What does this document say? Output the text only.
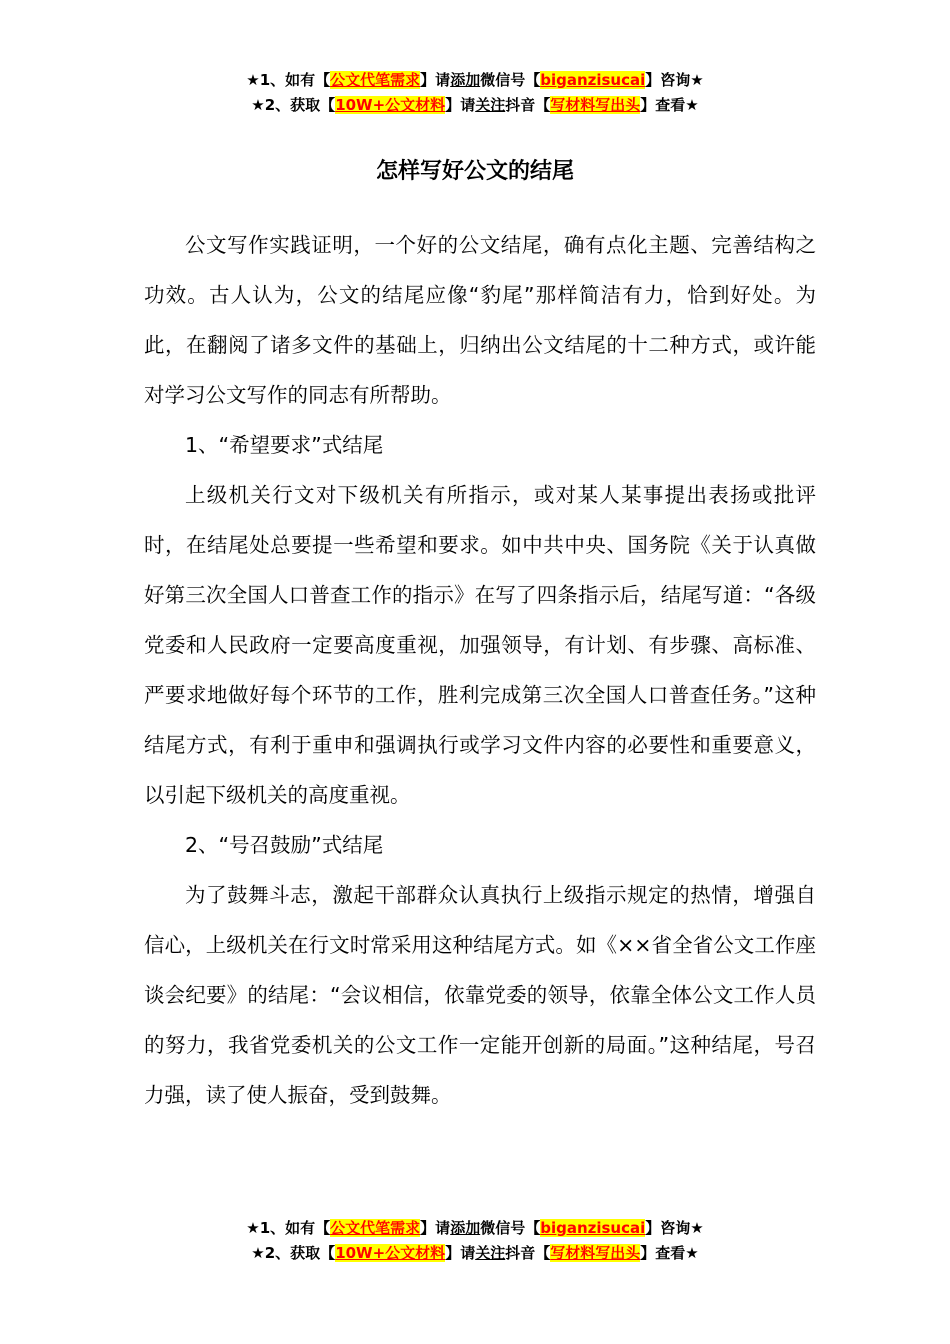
★1、如有【公文代笔需求】请添加微信号【biganzisucai】咨询★
★2、获取【10W+公文材料】请关注抖音【写材料写出头】查看★
怎样写好公文的结尾

公文写作实践证明，一个好的公文结尾，确有点化主题、完善结构之功效。古人认为，公文的结尾应像“豹尾”那样简洁有力，恰到好处。为此，在翻阅了诸多文件的基础上，归纳出公文结尾的十二种方式，或许能对学习公文写作的同志有所帮助。

1、“希望要求”式结尾

上级机关行文对下级机关有所指示，或对某人某事提出表扬或批评时，在结尾处总要提一些希望和要求。如中共中央、国务院《关于认真做好第三次全国人口普查工作的指示》在写了四条指示后，结尾写道：“各级党委和人民政府一定要高度重视，加强领导，有计划、有步骤、高标准、严要求地做好每个环节的工作，胜利完成第三次全国人口普查任务。”这种结尾方式，有利于重申和强调执行或学习文件内容的必要性和重要意义，以引起下级机关的高度重视。

2、“号召鼓励”式结尾

为了鼓舞斗志，激起干部群众认真执行上级指示规定的热情，增强自信心，上级机关在行文时常采用这种结尾方式。如《××省全省公文工作座谈会纪要》的结尾：“会议相信，依靠党委的领导，依靠全体公文工作人员的努力，我省党委机关的公文工作一定能开创新的局面。”这种结尾，号召力强，读了使人振奋，受到鼓舞。

★1、如有【公文代笔需求】请添加微信号【biganzisucai】咨询★
★2、获取【10W+公文材料】请关注抖音【写材料写出头】查看★
